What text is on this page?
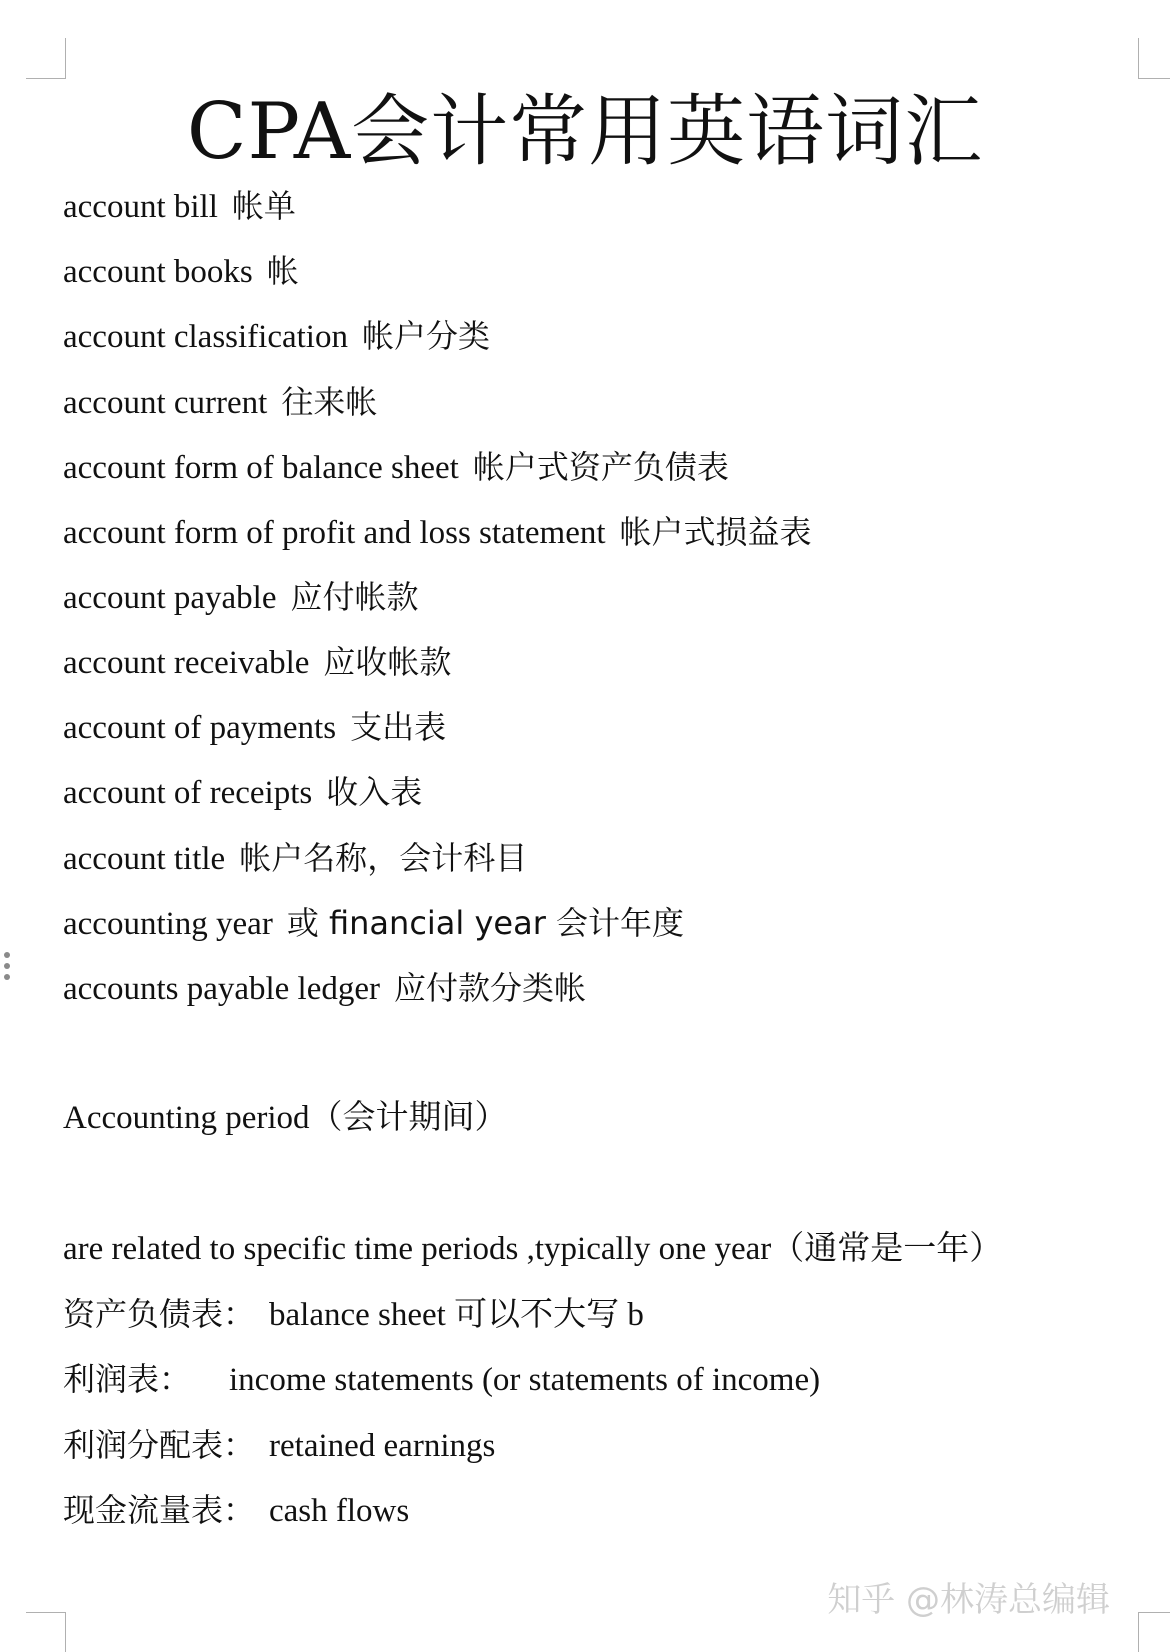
CPA会计常用英语词汇
account bill 帐单
account books 帐
account classification 帐户分类
account current 往来帐
account form of balance sheet 帐户式资产负债表
account form of profit and loss statement 帐户式损益表
account payable 应付帐款
account receivable 应收帐款
account of payments 支出表
account of receipts 收入表
account title 帐户名称，会计科目
accounting year 或 financial year 会计年度
accounts payable ledger 应付款分类帐
Accounting period（会计期间）
are related to specific time periods ,typically one year（通常是一年）
资产负债表： balance sheet 可以不大写 b
利润表： income statements (or statements of income)
利润分配表： retained earnings
现金流量表： cash flows
知乎 @林涛总编辑
